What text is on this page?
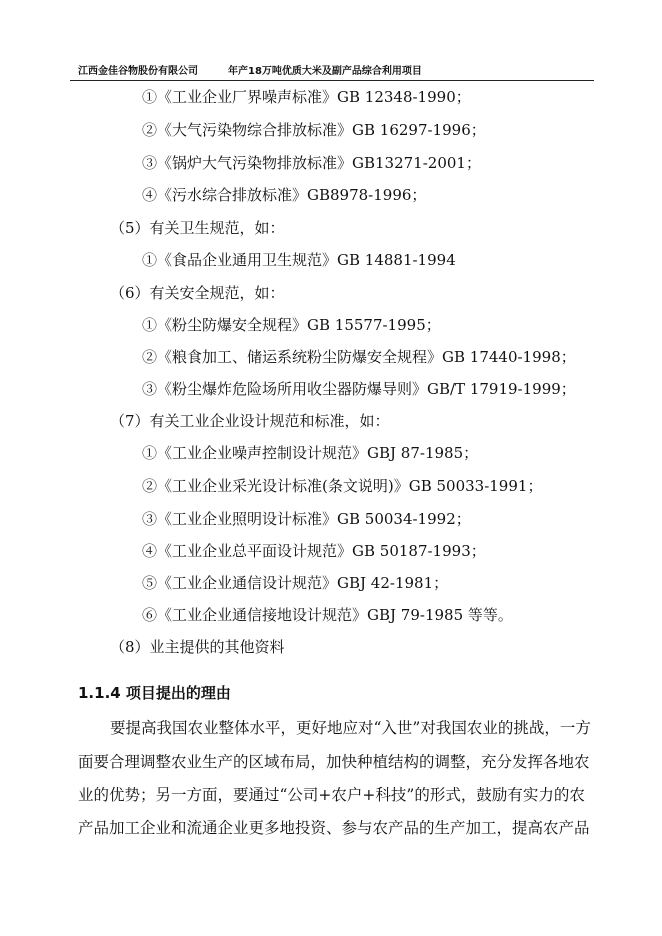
江西金佳谷物股份有限公司	年产18万吨优质大米及副产品综合利用项目
①《工业企业厂界噪声标准》GB 12348-1990；
②《大气污染物综合排放标准》GB 16297-1996；
③《锅炉大气污染物排放标准》GB13271-2001；
④《污水综合排放标准》GB8978-1996；
（5）有关卫生规范，如：
①《食品企业通用卫生规范》GB 14881-1994
（6）有关安全规范，如：
①《粉尘防爆安全规程》GB 15577-1995；
②《粮食加工、储运系统粉尘防爆安全规程》GB 17440-1998；
③《粉尘爆炸危险场所用收尘器防爆导则》GB/T 17919-1999；
（7）有关工业企业设计规范和标准，如：
①《工业企业噪声控制设计规范》GBJ 87-1985；
②《工业企业采光设计标准(条文说明)》GB 50033-1991；
③《工业企业照明设计标准》GB 50034-1992；
④《工业企业总平面设计规范》GB 50187-1993；
⑤《工业企业通信设计规范》GBJ 42-1981；
⑥《工业企业通信接地设计规范》GBJ 79-1985 等等。
（8）业主提供的其他资料
1.1.4 项目提出的理由
要提高我国农业整体水平，更好地应对“入世”对我国农业的挑战，一方
面要合理调整农业生产的区域布局，加快种植结构的调整，充分发挥各地农
业的优势；另一方面，要通过“公司+农户+科技”的形式，鼓励有实力的农
产品加工企业和流通企业更多地投资、参与农产品的生产加工，提高农产品
